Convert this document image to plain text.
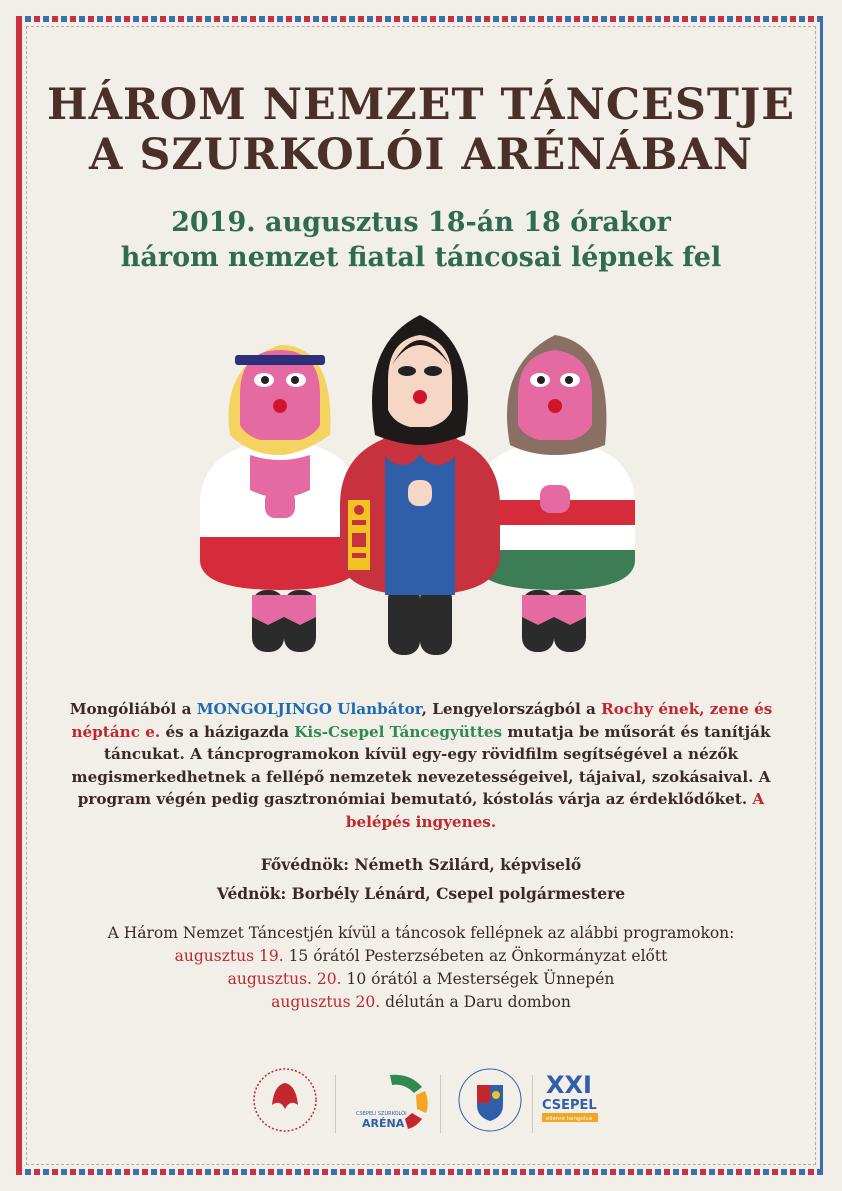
HÁROM NEMZET TÁNCESTJE
A SZURKOLÓI ARÉNÁBAN
2019. augusztus 18-án 18 órakor
három nemzet fiatal táncosai lépnek fel
Mongóliából a MONGOLJINGO Ulanbátor, Lengyelországból a Rochy ének, zene és néptánc e. és a házigazda Kis-Csepel Táncegyüttes mutatja be műsorát és tanítják táncukat. A táncprogramokon kívül egy-egy rövidfilm segítségével a nézők megismerkedhetnek a fellépő nemzetek nevezetességeivel, tájaival, szokásaival. A program végén pedig gasztronómiai bemutató, kóstolás várja az érdeklődőket. A belépés ingyenes.
Fővédnök: Németh Szilárd, képviselő
Védnök: Borbély Lénárd, Csepel polgármestere
A Három Nemzet Táncestjén kívül a táncosok fellépnek az alábbi programokon:
augusztus 19. 15 órától Pesterzsébeten az Önkormányzat előtt
augusztus. 20. 10 órától a Mesterségek Ünnepén
augusztus 20. délután a Daru dombon
CSEPELI SZURKOLÓI
ARÉNA
XXI
CSEPEL
ellenre hangolva
